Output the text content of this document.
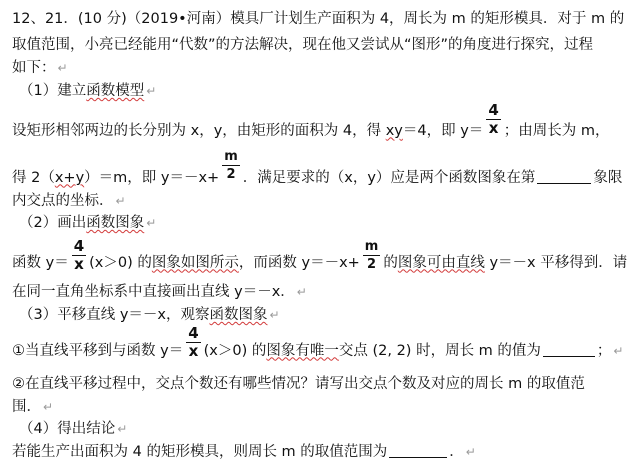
12、21．(10 分)（2019•河南）模具厂计划生产面积为 4，周长为 m 的矩形模具．对于 m 的
取值范围，小亮已经能用“代数”的方法解决，现在他又尝试从“图形”的角度进行探究，过程
如下： ↵
（1）建立函数模型 ↵
设矩形相邻两边的长分别为 x，y，由矩形的面积为 4，得 xy＝4，即 $y= \frac{4}{x}$ ；由周长为 m，
得 2（x+y）＝m，即 $y=-x+ \frac{m}{2}$ ．满足要求的（x，y）应是两个函数图象在第	象限
内交点的坐标． ↵
（2）画出函数图象 ↵
函数 $y= \frac{4}{x} (x>0)$ 的图象如图所示，而函数 $y=-x+ \frac{m}{2}$ 的图象可由直线 y＝－x 平移得到．请
在同一直角坐标系中直接画出直线 y＝－x． ↵
（3）平移直线 y＝－x，观察函数图象 ↵
①当直线平移到与函数 $y= \frac{4}{x} (x>0)$ 的图象有唯一交点 (2, 2) 时，周长 m 的值为	； ↵
②在直线平移过程中，交点个数还有哪些情况？请写出交点个数及对应的周长 m 的取值范
围． ↵
（4）得出结论 ↵
若能生产出面积为 4 的矩形模具，则周长 m 的取值范围为	． ↵
